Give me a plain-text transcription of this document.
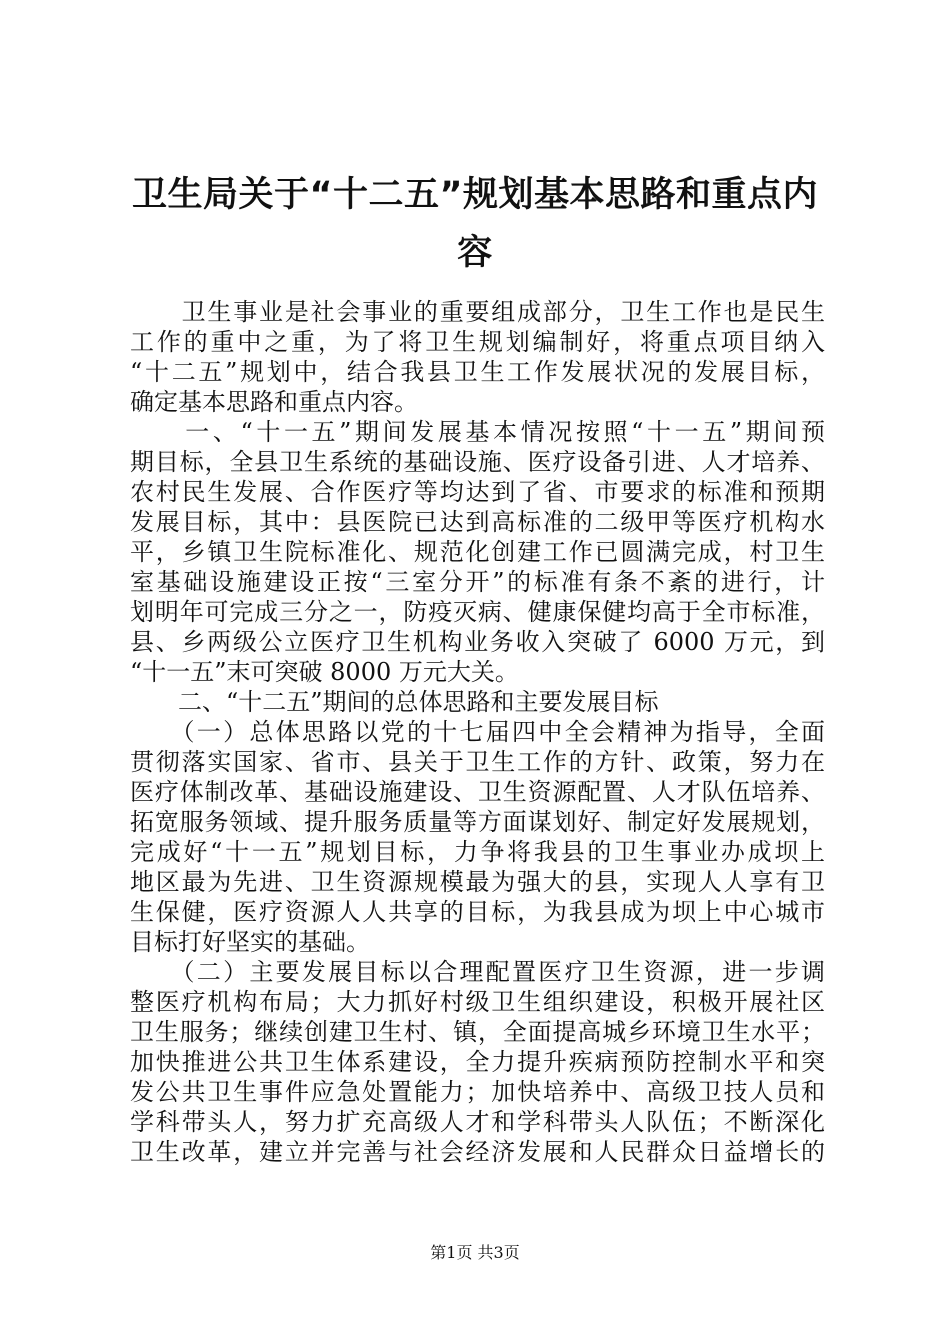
卫生局关于“十二五”规划基本思路和重点内
容
　　卫生事业是社会事业的重要组成部分，卫生工作也是民生
工作的重中之重，为了将卫生规划编制好，将重点项目纳入
“十二五”规划中，结合我县卫生工作发展状况的发展目标，
确定基本思路和重点内容。
　　一、“十一五”期间发展基本情况按照“十一五”期间预
期目标，全县卫生系统的基础设施、医疗设备引进、人才培养、
农村民生发展、合作医疗等均达到了省、市要求的标准和预期
发展目标，其中：县医院已达到高标准的二级甲等医疗机构水
平，乡镇卫生院标准化、规范化创建工作已圆满完成，村卫生
室基础设施建设正按“三室分开”的标准有条不紊的进行，计
划明年可完成三分之一，防疫灭病、健康保健均高于全市标准，
县、乡两级公立医疗卫生机构业务收入突破了 6000 万元，到
“十一五”末可突破 8000 万元大关。
　　二、“十二五”期间的总体思路和主要发展目标
　　（一）总体思路以党的十七届四中全会精神为指导，全面
贯彻落实国家、省市、县关于卫生工作的方针、政策，努力在
医疗体制改革、基础设施建设、卫生资源配置、人才队伍培养、
拓宽服务领域、提升服务质量等方面谋划好、制定好发展规划，
完成好“十一五”规划目标，力争将我县的卫生事业办成坝上
地区最为先进、卫生资源规模最为强大的县，实现人人享有卫
生保健，医疗资源人人共享的目标，为我县成为坝上中心城市
目标打好坚实的基础。
　　（二）主要发展目标以合理配置医疗卫生资源，进一步调
整医疗机构布局；大力抓好村级卫生组织建设，积极开展社区
卫生服务；继续创建卫生村、镇，全面提高城乡环境卫生水平；
加快推进公共卫生体系建设，全力提升疾病预防控制水平和突
发公共卫生事件应急处置能力；加快培养中、高级卫技人员和
学科带头人，努力扩充高级人才和学科带头人队伍；不断深化
卫生改革，建立并完善与社会经济发展和人民群众日益增长的
第1页 共3页
